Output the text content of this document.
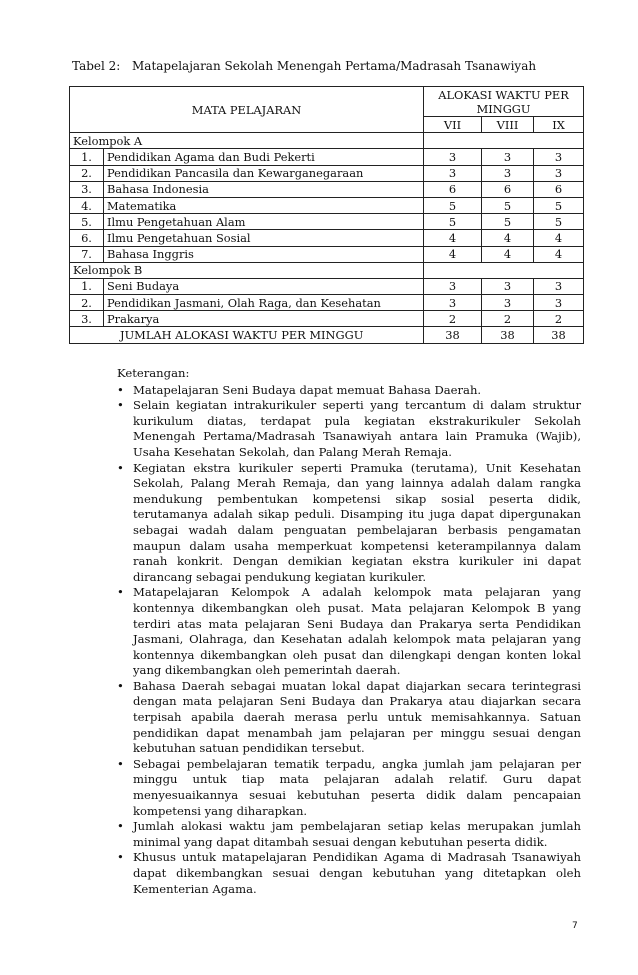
Tabel 2: Matapelajaran Sekolah Menengah Pertama/Madrasah Tsanawiyah
MATA PELAJARAN		ALOKASI WAKTU PER MINGGU		
		VII	VIII	IX
Kelompok A				
1.	Pendidikan Agama dan Budi Pekerti	3	3	3
2.	Pendidikan Pancasila dan Kewarganegaraan	3	3	3
3.	Bahasa Indonesia	6	6	6
4.	Matematika	5	5	5
5.	Ilmu Pengetahuan Alam	5	5	5
6.	Ilmu Pengetahuan Sosial	4	4	4
7.	Bahasa Inggris	4	4	4
Kelompok B				
1.	Seni Budaya	3	3	3
2.	Pendidikan Jasmani, Olah Raga, dan Kesehatan	3	3	3
3.	Prakarya	2	2	2
JUMLAH ALOKASI WAKTU PER MINGGU		38	38	38
Keterangan:
• Matapelajaran Seni Budaya dapat memuat Bahasa Daerah.
• Selain kegiatan intrakurikuler seperti yang tercantum di dalam struktur kurikulum diatas, terdapat pula kegiatan ekstrakurikuler Sekolah Menengah Pertama/Madrasah Tsanawiyah antara lain Pramuka (Wajib), Usaha Kesehatan Sekolah, dan Palang Merah Remaja.
• Kegiatan ekstra kurikuler seperti Pramuka (terutama), Unit Kesehatan Sekolah, Palang Merah Remaja, dan yang lainnya adalah dalam rangka mendukung pembentukan kompetensi sikap sosial peserta didik, terutamanya adalah sikap peduli. Disamping itu juga dapat dipergunakan sebagai wadah dalam penguatan pembelajaran berbasis pengamatan maupun dalam usaha memperkuat kompetensi keterampilannya dalam ranah konkrit. Dengan demikian kegiatan ekstra kurikuler ini dapat dirancang sebagai pendukung kegiatan kurikuler.
• Matapelajaran Kelompok A adalah kelompok mata pelajaran yang kontennya dikembangkan oleh pusat. Mata pelajaran Kelompok B yang terdiri atas mata pelajaran Seni Budaya dan Prakarya serta Pendidikan Jasmani, Olahraga, dan Kesehatan adalah kelompok mata pelajaran yang kontennya dikembangkan oleh pusat dan dilengkapi dengan konten lokal yang dikembangkan oleh pemerintah daerah.
• Bahasa Daerah sebagai muatan lokal dapat diajarkan secara terintegrasi dengan mata pelajaran Seni Budaya dan Prakarya atau diajarkan secara terpisah apabila daerah merasa perlu untuk memisahkannya. Satuan pendidikan dapat menambah jam pelajaran per minggu sesuai dengan kebutuhan satuan pendidikan tersebut.
• Sebagai pembelajaran tematik terpadu, angka jumlah jam pelajaran per minggu untuk tiap mata pelajaran adalah relatif. Guru dapat menyesuaikannya sesuai kebutuhan peserta didik dalam pencapaian kompetensi yang diharapkan.
• Jumlah alokasi waktu jam pembelajaran setiap kelas merupakan jumlah minimal yang dapat ditambah sesuai dengan kebutuhan peserta didik.
• Khusus untuk matapelajaran Pendidikan Agama di Madrasah Tsanawiyah dapat dikembangkan sesuai dengan kebutuhan yang ditetapkan oleh Kementerian Agama.
7
